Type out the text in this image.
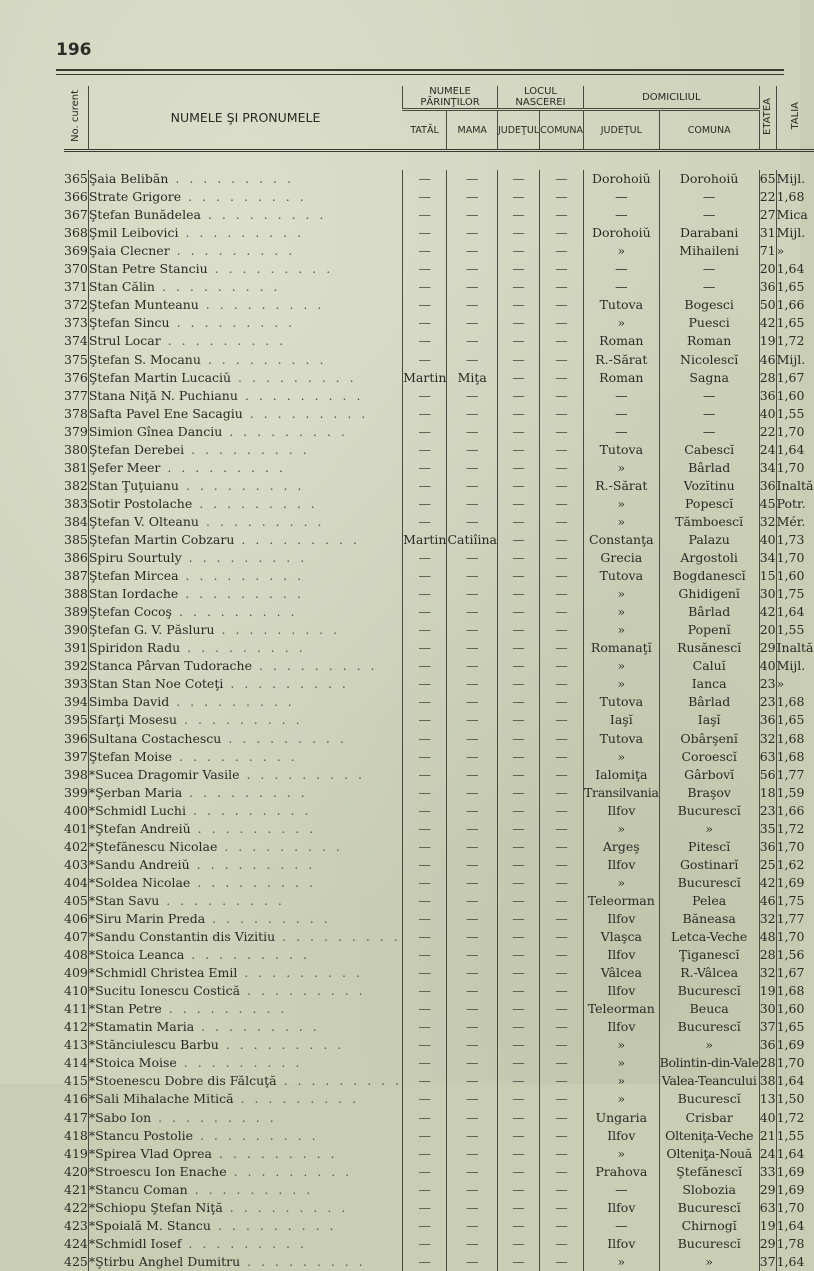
196
No. curent	NUMELE ŞI PRONUMELE	NUMELE PĂRINŢILOR		LOCUL NASCEREI		DOMICILIUL		ETATEA	TALIA
		TATĂL	MAMA	JUDEŢUL	COMUNA	JUDEŢUL	COMUNA		

365	Şaia Belibăn . . . . . . . . .	—	—	—	—	Dorohoiŭ	Dorohoiŭ	65	Mijl.
366	Strate Grigore . . . . . . . . .	—	—	—	—	—	—	22	1,68
367	Ştefan Bunădelea . . . . . . . . .	—	—	—	—	—	—	27	Mica
368	Şmil Leibovici . . . . . . . . .	—	—	—	—	Dorohoiŭ	Darabani	31	Mijl.
369	Şaia Clecner . . . . . . . . .	—	—	—	—	»	Mihaileni	71	»
370	Stan Petre Stanciu . . . . . . . . .	—	—	—	—	—	—	20	1,64
371	Stan Călin . . . . . . . . .	—	—	—	—	—	—	36	1,65
372	Ştefan Munteanu . . . . . . . . .	—	—	—	—	Tutova	Bogesci	50	1,66
373	Ştefan Sincu . . . . . . . . .	—	—	—	—	»	Puesci	42	1,65
374	Strul Locar . . . . . . . . .	—	—	—	—	Roman	Roman	19	1,72
375	Ştefan S. Mocanu . . . . . . . . .	—	—	—	—	R.-Sărat	Nicolescĭ	46	Mijl.
376	Ştefan Martin Lucaciŭ . . . . . . . . .	Martin	Miţa	—	—	Roman	Sagna	28	1,67
377	Stana Niţă N. Puchianu . . . . . . . . .	—	—	—	—	—	—	36	1,60
378	Safta Pavel Ene Sacagiu . . . . . . . . .	—	—	—	—	—	—	40	1,55
379	Simion Gînea Danciu . . . . . . . . .	—	—	—	—	—	—	22	1,70
380	Ştefan Derebei . . . . . . . . .	—	—	—	—	Tutova	Cabescĭ	24	1,64
381	Şefer Meer . . . . . . . . .	—	—	—	—	»	Bârlad	34	1,70
382	Stan Ţuţuianu . . . . . . . . .	—	—	—	—	R.-Sărat	Vozĭtinu	36	Inaltă
383	Sotir Postolache . . . . . . . . .	—	—	—	—	»	Popescĭ	45	Potr.
384	Ştefan V. Olteanu . . . . . . . . .	—	—	—	—	»	Tămboescĭ	32	Mér.
385	Ştefan Martin Cobzaru . . . . . . . . .	Martin	Catiîina	—	—	Constanţa	Palazu	40	1,73
386	Spiru Sourtuly . . . . . . . . .	—	—	—	—	Grecia	Argostoli	34	1,70
387	Ştefan Mircea . . . . . . . . .	—	—	—	—	Tutova	Bogdanescĭ	15	1,60
388	Stan Iordache . . . . . . . . .	—	—	—	—	»	Ghidigenĭ	30	1,75
389	Ştefan Cocoş . . . . . . . . .	—	—	—	—	»	Bârlad	42	1,64
390	Ştefan G. V. Păsluru . . . . . . . . .	—	—	—	—	»	Popenĭ	20	1,55
391	Spiridon Radu . . . . . . . . .	—	—	—	—	Romanaţĭ	Rusănescĭ	29	Inaltă
392	Stanca Pârvan Tudorache . . . . . . . . .	—	—	—	—	»	Caluĭ	40	Mijl.
393	Stan Stan Noe Coteţi . . . . . . . . .	—	—	—	—	»	Ianca	23	»
394	Simba David . . . . . . . . .	—	—	—	—	Tutova	Bârlad	23	1,68
395	Sfarţi Mosesu . . . . . . . . .	—	—	—	—	Iaşĭ	Iaşĭ	36	1,65
396	Sultana Costachescu . . . . . . . . .	—	—	—	—	Tutova	Obârşenĭ	32	1,68
397	Ştefan Moise . . . . . . . . .	—	—	—	—	»	Coroescĭ	63	1,68
398	*Sucea Dragomir Vasile . . . . . . . . .	—	—	—	—	Ialomiţa	Gârbovĭ	56	1,77
399	*Şerban Maria . . . . . . . . .	—	—	—	—	Transilvania	Braşov	18	1,59
400	*Schmidl Luchi . . . . . . . . .	—	—	—	—	Ilfov	Bucurescĭ	23	1,66
401	*Ştefan Andreiŭ . . . . . . . . .	—	—	—	—	»	»	35	1,72
402	*Ştefănescu Nicolae . . . . . . . . .	—	—	—	—	Argeş	Pitescĭ	36	1,70
403	*Sandu Andreiŭ . . . . . . . . .	—	—	—	—	Ilfov	Gostinarĭ	25	1,62
404	*Soldea Nicolae . . . . . . . . .	—	—	—	—	»	Bucurescĭ	42	1,69
405	*Stan Savu . . . . . . . . .	—	—	—	—	Teleorman	Pelea	46	1,75
406	*Siru Marin Preda . . . . . . . . .	—	—	—	—	Ilfov	Băneasa	32	1,77
407	*Sandu Constantin dis Vizitiu . . . . . . . . .	—	—	—	—	Vlaşca	Letca-Veche	48	1,70
408	*Stoica Leanca . . . . . . . . .	—	—	—	—	Ilfov	Ţiganescĭ	28	1,56
409	*Schmidl Christea Emil . . . . . . . . .	—	—	—	—	Vâlcea	R.-Vâlcea	32	1,67
410	*Sucitu Ionescu Costică . . . . . . . . .	—	—	—	—	Ilfov	Bucurescĭ	19	1,68
411	*Stan Petre . . . . . . . . .	—	—	—	—	Teleorman	Beuca	30	1,60
412	*Stamatin Maria . . . . . . . . .	—	—	—	—	Ilfov	Bucurescĭ	37	1,65
413	*Stănciulescu Barbu . . . . . . . . .	—	—	—	—	»	»	36	1,69
414	*Stoica Moise . . . . . . . . .	—	—	—	—	»	Bolintin-din-Vale	28	1,70
415	*Stoenescu Dobre dis Fălcuţă . . . . . . . . .	—	—	—	—	»	Valea-Teancului	38	1,64
416	*Sali Mihalache Mitică . . . . . . . . .	—	—	—	—	»	Bucurescĭ	13	1,50
417	*Sabo Ion . . . . . . . . .	—	—	—	—	Ungaria	Crisbar	40	1,72
418	*Stancu Postolie . . . . . . . . .	—	—	—	—	Ilfov	Olteniţa-Veche	21	1,55
419	*Spirea Vlad Oprea . . . . . . . . .	—	—	—	—	»	Olteniţa-Nouă	24	1,64
420	*Stroescu Ion Enache . . . . . . . . .	—	—	—	—	Prahova	Ştefănescĭ	33	1,69
421	*Stancu Coman . . . . . . . . .	—	—	—	—	—	Slobozia	29	1,69
422	*Schiopu Ştefan Niţă . . . . . . . . .	—	—	—	—	Ilfov	Bucurescĭ	63	1,70
423	*Spoială M. Stancu . . . . . . . . .	—	—	—	—	—	Chirnogĭ	19	1,64
424	*Schmidl Iosef . . . . . . . . .	—	—	—	—	Ilfov	Bucurescĭ	29	1,78
425	*Ştirbu Anghel Dumitru . . . . . . . . .	—	—	—	—	»	»	37	1,64
